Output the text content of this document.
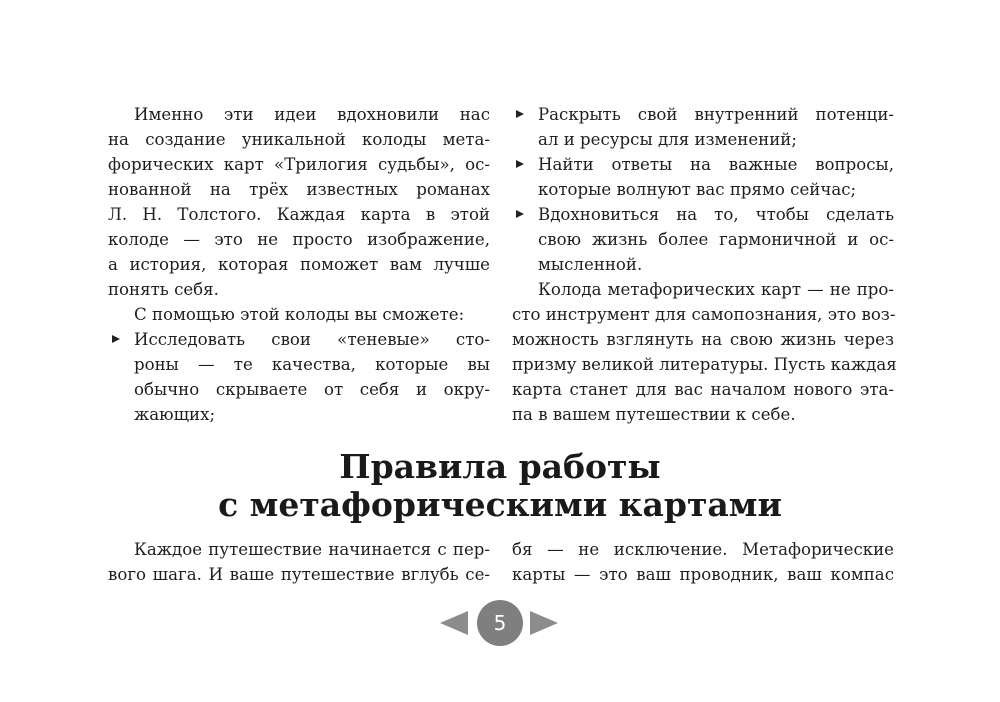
Именно эти идеи вдохновили нас
на создание уникальной колоды мета-
форических карт «Трилогия судьбы», ос-
нованной на трёх известных романах
Л. Н. Толстого. Каждая карта в этой
колоде — это не просто изображение,
а история, которая поможет вам лучше
понять себя.

С помощью этой колоды вы сможете:

Исследовать свои «теневые» сто-
роны — те качества, которые вы
обычно скрываете от себя и окру-
жающих;
Раскрыть свой внутренний потенци-
ал и ресурсы для изменений;
Найти ответы на важные вопросы,
которые волнуют вас прямо сейчас;
Вдохновиться на то, чтобы сделать
свою жизнь более гармоничной и ос-
мысленной.

Колода метафорических карт — не про-
сто инструмент для самопознания, это воз-
можность взглянуть на свою жизнь через
призму великой литературы. Пусть каждая
карта станет для вас началом нового эта-
па в вашем путешествии к себе.

Правила работы
с метафорическими картами

Каждое путешествие начинается с пер-
вого шага. И ваше путешествие вглубь се-

бя — не исключение. Метафорические
карты — это ваш проводник, ваш компас

5
